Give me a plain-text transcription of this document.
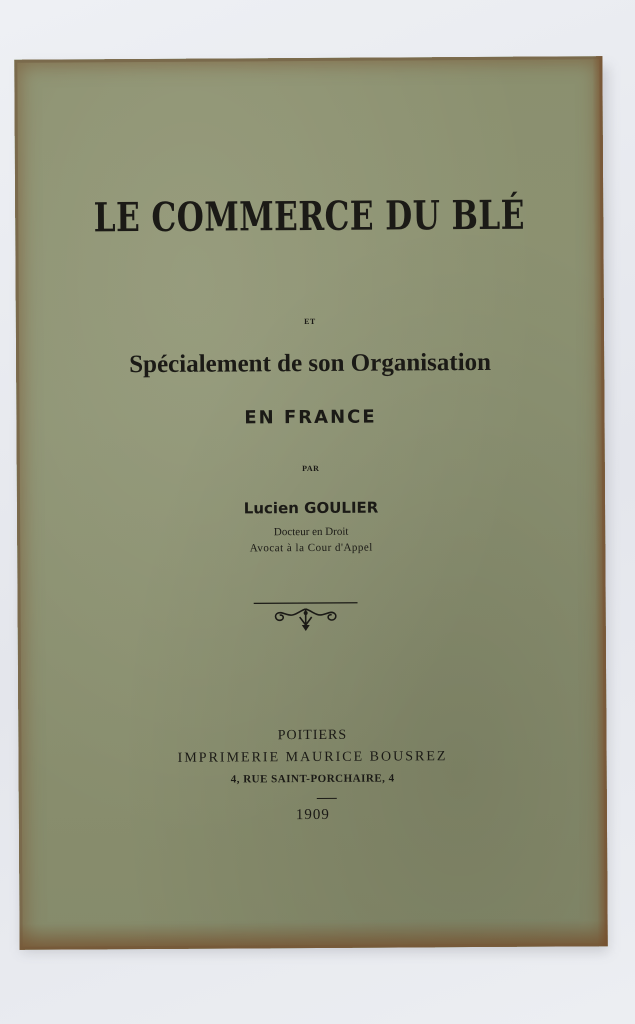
LE COMMERCE DU BLÉ
ET
Spécialement de son Organisation
EN FRANCE
PAR
Lucien GOULIER
Docteur en Droit
Avocat à la Cour d'Appel
POITIERS
IMPRIMERIE MAURICE BOUSREZ
4, RUE SAINT-PORCHAIRE, 4
1909
